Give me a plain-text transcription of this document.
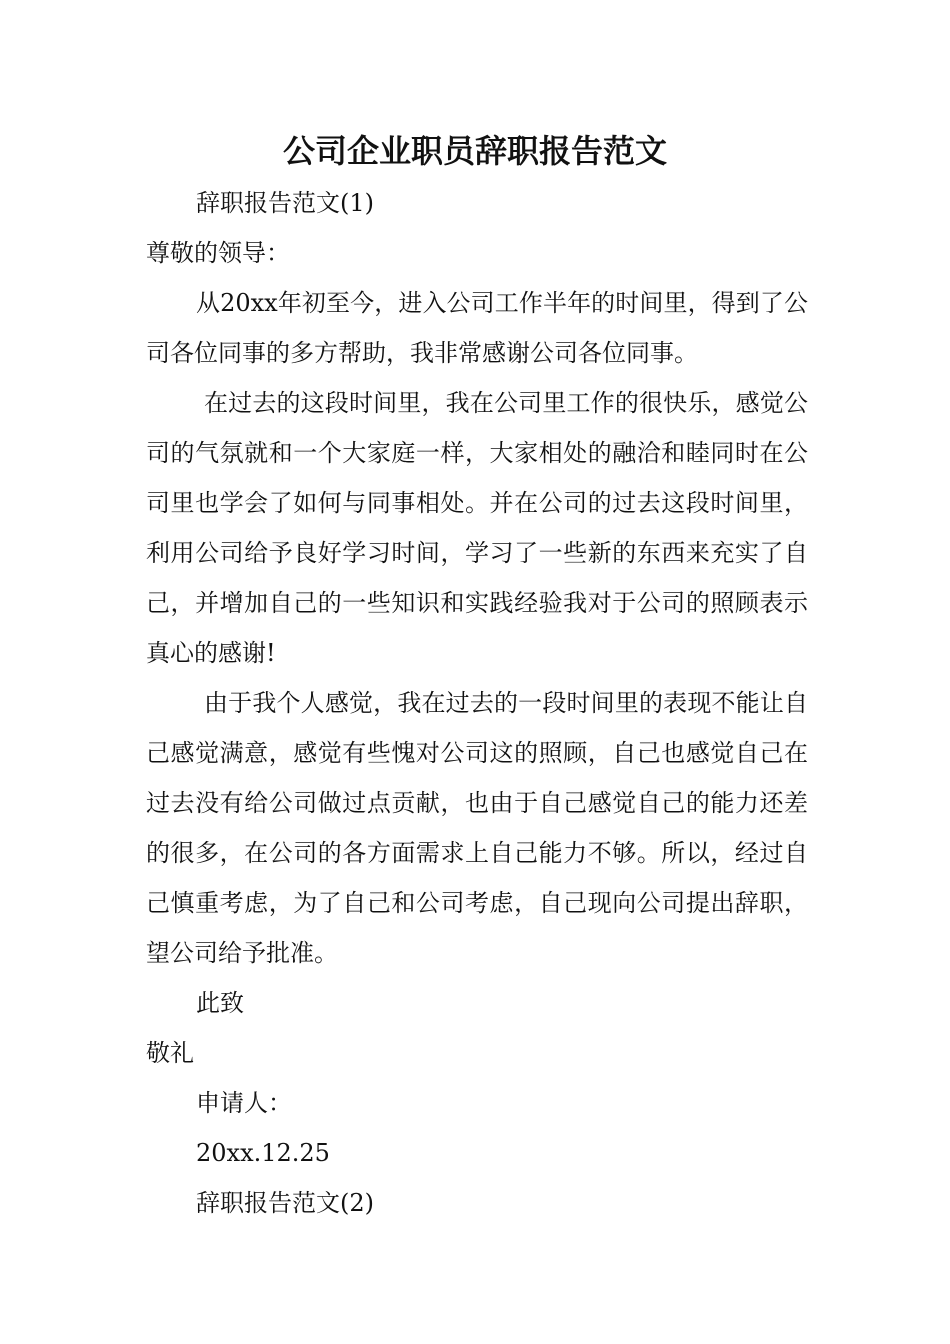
公司企业职员辞职报告范文

辞职报告范文(1)

尊敬的领导：

从20xx年初至今，进入公司工作半年的时间里，得到了公司各位同事的多方帮助，我非常感谢公司各位同事。

在过去的这段时间里，我在公司里工作的很快乐，感觉公司的气氛就和一个大家庭一样，大家相处的融洽和睦同时在公司里也学会了如何与同事相处。并在公司的过去这段时间里，利用公司给予良好学习时间，学习了一些新的东西来充实了自己，并增加自己的一些知识和实践经验我对于公司的照顾表示真心的感谢!

由于我个人感觉，我在过去的一段时间里的表现不能让自己感觉满意，感觉有些愧对公司这的照顾，自己也感觉自己在过去没有给公司做过点贡献，也由于自己感觉自己的能力还差的很多，在公司的各方面需求上自己能力不够。所以，经过自己慎重考虑，为了自己和公司考虑，自己现向公司提出辞职，望公司给予批准。

此致

敬礼

申请人：

20xx.12.25

辞职报告范文(2)
